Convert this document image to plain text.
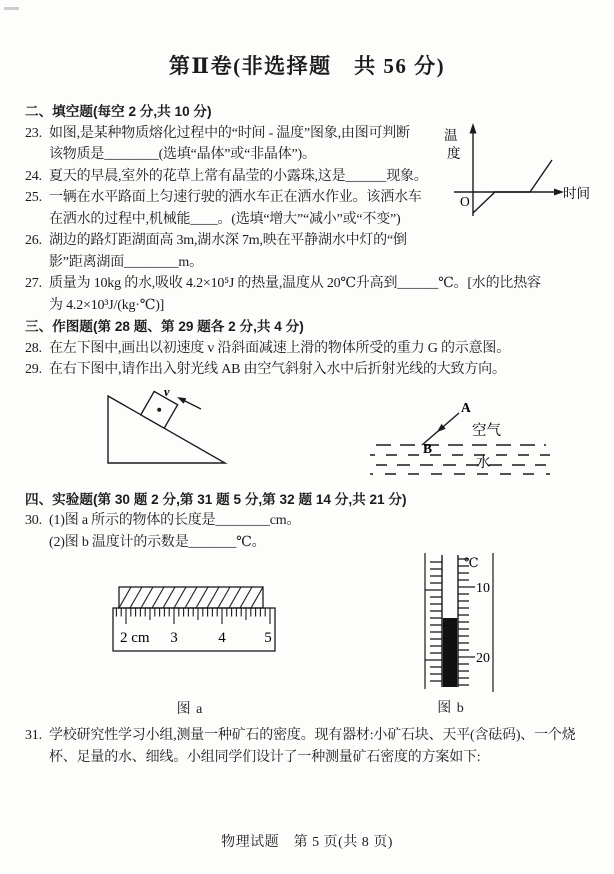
第Ⅱ卷(非选择题　共 56 分)
二、填空题(每空 2 分,共 10 分)
23. 如图,是某种物质熔化过程中的“时间 - 温度”图象,由图可判断
该物质是________(选填“晶体”或“非晶体”)。
24. 夏天的早晨,室外的花草上常有晶莹的小露珠,这是______现象。
25. 一辆在水平路面上匀速行驶的洒水车正在洒水作业。该洒水车
在洒水的过程中,机械能____。(选填“增大”“减小”或“不变”)
26. 湖边的路灯距湖面高 3m,湖水深 7m,映在平静湖水中灯的“倒
影”距离湖面________m。
27. 质量为 10kg 的水,吸收 4.2×10⁵J 的热量,温度从 20℃升高到______℃。[水的比热容
为 4.2×10³J/(kg·℃)]
三、作图题(第 28 题、第 29 题各 2 分,共 4 分)
28. 在左下图中,画出以初速度 v 沿斜面减速上滑的物体所受的重力 G 的示意图。
29. 在右下图中,请作出入射光线 AB 由空气斜射入水中后折射光线的大致方向。
四、实验题(第 30 题 2 分,第 31 题 5 分,第 32 题 14 分,共 21 分)
30. (1)图 a 所示的物体的长度是________cm。
(2)图 b 温度计的示数是_______℃。
31. 学校研究性学习小组,测量一种矿石的密度。现有器材:小矿石块、天平(含砝码)、一个烧
杯、足量的水、细线。小组同学们设计了一种测量矿石密度的方案如下:
温
度
O
时间
v
A
B
空气
水
2 cm 3	4	5
图 a
℃
10
20
图 b
物理试题　第 5 页(共 8 页)
